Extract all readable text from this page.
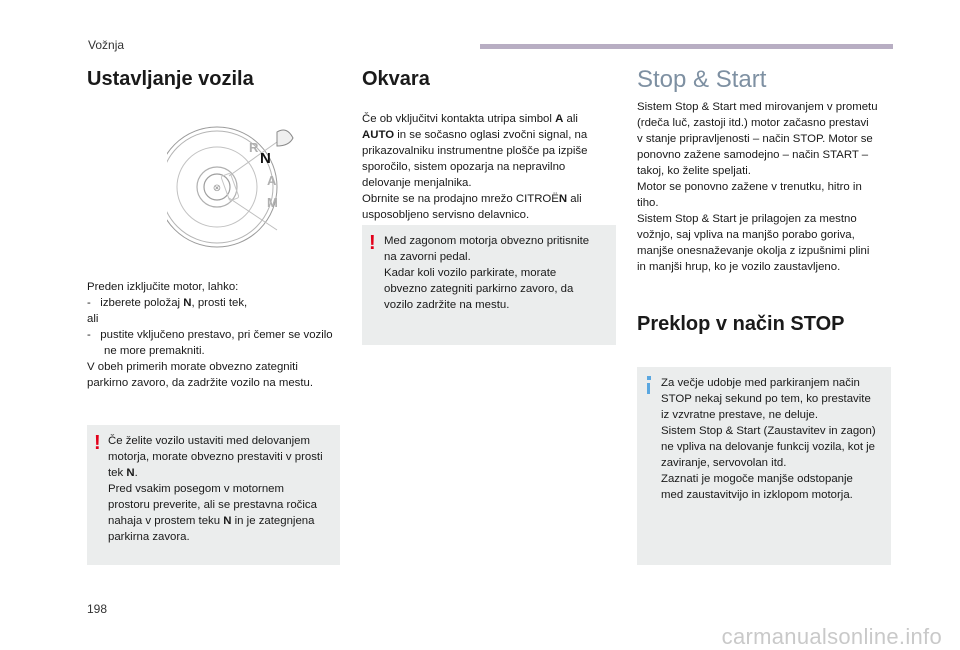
Vožnja
Ustavljanje vozila
⊗
R
N
A
M
Preden izključite motor, lahko:
-   izberete položaj N, prosti tek,
ali
-   pustite vključeno prestavo, pri čemer se vozilo ne more premakniti.
V obeh primerih morate obvezno zategniti
parkirno zavoro, da zadržite vozilo na mestu.
! Če želite vozilo ustaviti med delovanjem
motorja, morate obvezno prestaviti v prosti
tek N.
Pred vsakim posegom v motornem
prostoru preverite, ali se prestavna ročica
nahaja v prostem teku N in je zategnjena
parkirna zavora.
Okvara
Če ob vključitvi kontakta utripa simbol A ali
AUTO in se sočasno oglasi zvočni signal, na
prikazovalniku instrumentne plošče pa izpiše
sporočilo, sistem opozarja na nepravilno
delovanje menjalnika.
Obrnite se na prodajno mrežo CITROËN ali
usposobljeno servisno delavnico.
! Med zagonom motorja obvezno pritisnite
na zavorni pedal.
Kadar koli vozilo parkirate, morate
obvezno zategniti parkirno zavoro, da
vozilo zadržite na mestu.
Stop & Start
Sistem Stop & Start med mirovanjem v prometu
(rdeča luč, zastoji itd.) motor začasno prestavi
v stanje pripravljenosti – način STOP. Motor se
ponovno zažene samodejno – način START –
takoj, ko želite speljati.
Motor se ponovno zažene v trenutku, hitro in
tiho.
Sistem Stop & Start je prilagojen za mestno
vožnjo, saj vpliva na manjšo porabo goriva,
manjše onesnaževanje okolja z izpušnimi plini
in manjši hrup, ko je vozilo zaustavljeno.
Preklop v način STOP
Za večje udobje med parkiranjem način
STOP nekaj sekund po tem, ko prestavite
iz vzvratne prestave, ne deluje.
Sistem Stop & Start (Zaustavitev in zagon)
ne vpliva na delovanje funkcij vozila, kot je
zaviranje, servovolan itd.
Zaznati je mogoče manjše odstopanje
med zaustavitvijo in izklopom motorja.
198
carmanualsonline.info
